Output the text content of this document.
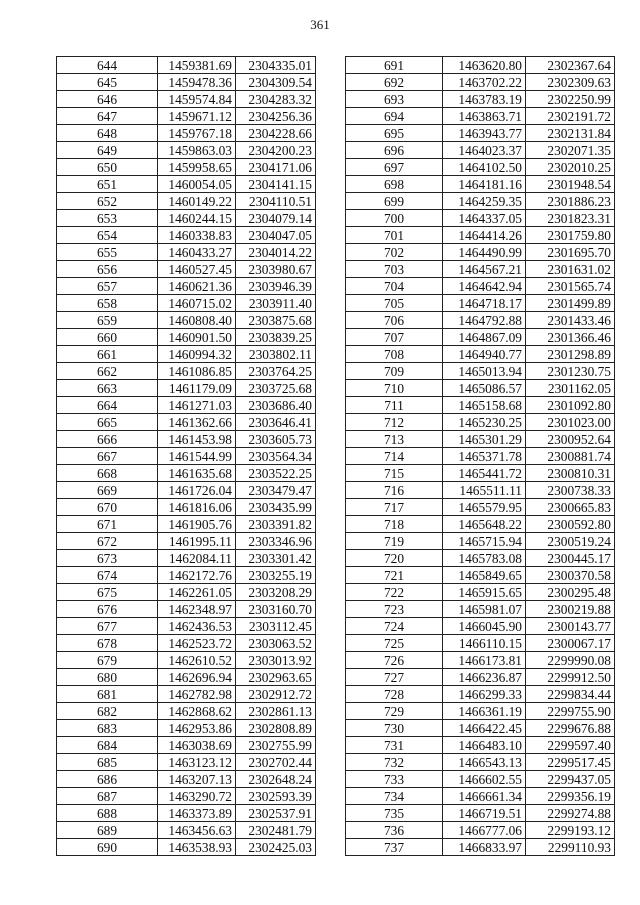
361
644	1459381.69	2304335.01
645	1459478.36	2304309.54
646	1459574.84	2304283.32
647	1459671.12	2304256.36
648	1459767.18	2304228.66
649	1459863.03	2304200.23
650	1459958.65	2304171.06
651	1460054.05	2304141.15
652	1460149.22	2304110.51
653	1460244.15	2304079.14
654	1460338.83	2304047.05
655	1460433.27	2304014.22
656	1460527.45	2303980.67
657	1460621.36	2303946.39
658	1460715.02	2303911.40
659	1460808.40	2303875.68
660	1460901.50	2303839.25
661	1460994.32	2303802.11
662	1461086.85	2303764.25
663	1461179.09	2303725.68
664	1461271.03	2303686.40
665	1461362.66	2303646.41
666	1461453.98	2303605.73
667	1461544.99	2303564.34
668	1461635.68	2303522.25
669	1461726.04	2303479.47
670	1461816.06	2303435.99
671	1461905.76	2303391.82
672	1461995.11	2303346.96
673	1462084.11	2303301.42
674	1462172.76	2303255.19
675	1462261.05	2303208.29
676	1462348.97	2303160.70
677	1462436.53	2303112.45
678	1462523.72	2303063.52
679	1462610.52	2303013.92
680	1462696.94	2302963.65
681	1462782.98	2302912.72
682	1462868.62	2302861.13
683	1462953.86	2302808.89
684	1463038.69	2302755.99
685	1463123.12	2302702.44
686	1463207.13	2302648.24
687	1463290.72	2302593.39
688	1463373.89	2302537.91
689	1463456.63	2302481.79
690	1463538.93	2302425.03
691	1463620.80	2302367.64
692	1463702.22	2302309.63
693	1463783.19	2302250.99
694	1463863.71	2302191.72
695	1463943.77	2302131.84
696	1464023.37	2302071.35
697	1464102.50	2302010.25
698	1464181.16	2301948.54
699	1464259.35	2301886.23
700	1464337.05	2301823.31
701	1464414.26	2301759.80
702	1464490.99	2301695.70
703	1464567.21	2301631.02
704	1464642.94	2301565.74
705	1464718.17	2301499.89
706	1464792.88	2301433.46
707	1464867.09	2301366.46
708	1464940.77	2301298.89
709	1465013.94	2301230.75
710	1465086.57	2301162.05
711	1465158.68	2301092.80
712	1465230.25	2301023.00
713	1465301.29	2300952.64
714	1465371.78	2300881.74
715	1465441.72	2300810.31
716	1465511.11	2300738.33
717	1465579.95	2300665.83
718	1465648.22	2300592.80
719	1465715.94	2300519.24
720	1465783.08	2300445.17
721	1465849.65	2300370.58
722	1465915.65	2300295.48
723	1465981.07	2300219.88
724	1466045.90	2300143.77
725	1466110.15	2300067.17
726	1466173.81	2299990.08
727	1466236.87	2299912.50
728	1466299.33	2299834.44
729	1466361.19	2299755.90
730	1466422.45	2299676.88
731	1466483.10	2299597.40
732	1466543.13	2299517.45
733	1466602.55	2299437.05
734	1466661.34	2299356.19
735	1466719.51	2299274.88
736	1466777.06	2299193.12
737	1466833.97	2299110.93
